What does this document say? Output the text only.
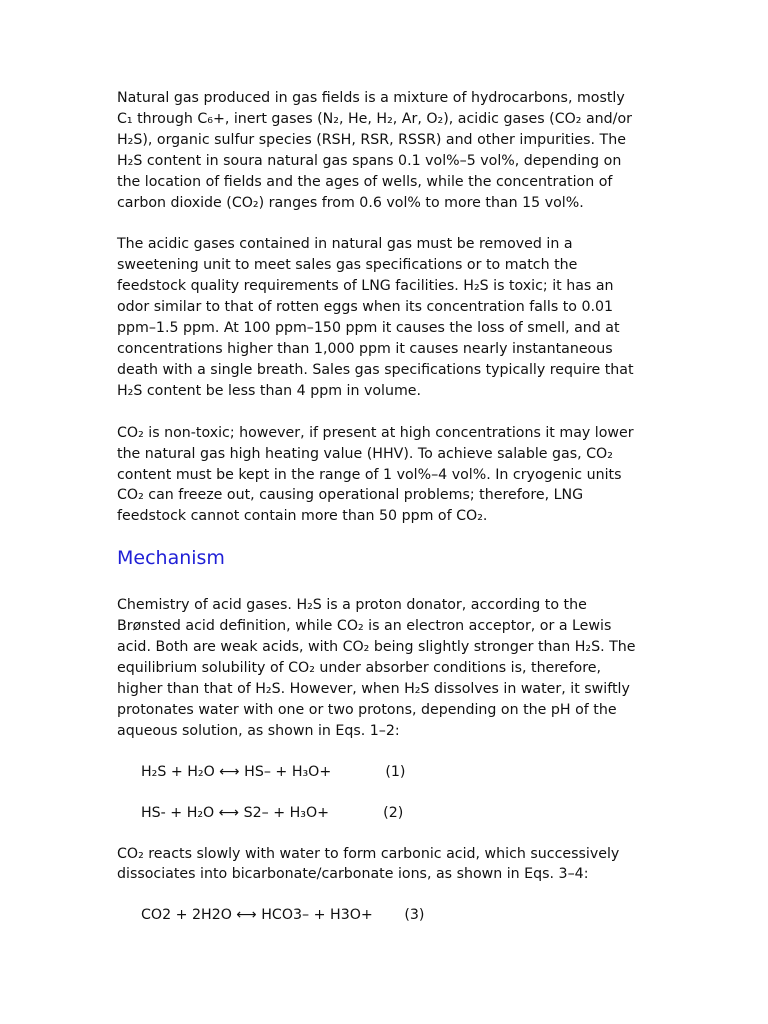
Natural gas produced in gas fields is a mixture of hydrocarbons, mostly
C₁ through C₆+, inert gases (N₂, He, H₂, Ar, O₂), acidic gases (CO₂ and/or
H₂S), organic sulfur species (RSH, RSR, RSSR) and other impurities. The
H₂S content in soura natural gas spans 0.1 vol%–5 vol%, depending on
the location of fields and the ages of wells, while the concentration of
carbon dioxide (CO₂) ranges from 0.6 vol% to more than 15 vol%.

The acidic gases contained in natural gas must be removed in a
sweetening unit to meet sales gas specifications or to match the
feedstock quality requirements of LNG facilities. H₂S is toxic; it has an
odor similar to that of rotten eggs when its concentration falls to 0.01
ppm–1.5 ppm. At 100 ppm–150 ppm it causes the loss of smell, and at
concentrations higher than 1,000 ppm it causes nearly instantaneous
death with a single breath. Sales gas specifications typically require that
H₂S content be less than 4 ppm in volume.

CO₂ is non-toxic; however, if present at high concentrations it may lower
the natural gas high heating value (HHV). To achieve salable gas, CO₂
content must be kept in the range of 1 vol%–4 vol%. In cryogenic units
CO₂ can freeze out, causing operational problems; therefore, LNG
feedstock cannot contain more than 50 ppm of CO₂.

Mechanism

Chemistry of acid gases. H₂S is a proton donator, according to the
Brønsted acid definition, while CO₂ is an electron acceptor, or a Lewis
acid. Both are weak acids, with CO₂ being slightly stronger than H₂S. The
equilibrium solubility of CO₂ under absorber conditions is, therefore,
higher than that of H₂S. However, when H₂S dissolves in water, it swiftly
protonates water with one or two protons, depending on the pH of the
aqueous solution, as shown in Eqs. 1–2:

H₂S + H₂O ⟷ HS– + H₃O+	(1)
HS- + H₂O ⟷ S2– + H₃O+	(2)

CO₂ reacts slowly with water to form carbonic acid, which successively
dissociates into bicarbonate/carbonate ions, as shown in Eqs. 3–4:

CO2 + 2H2O ⟷ HCO3– + H3O+ (3)
